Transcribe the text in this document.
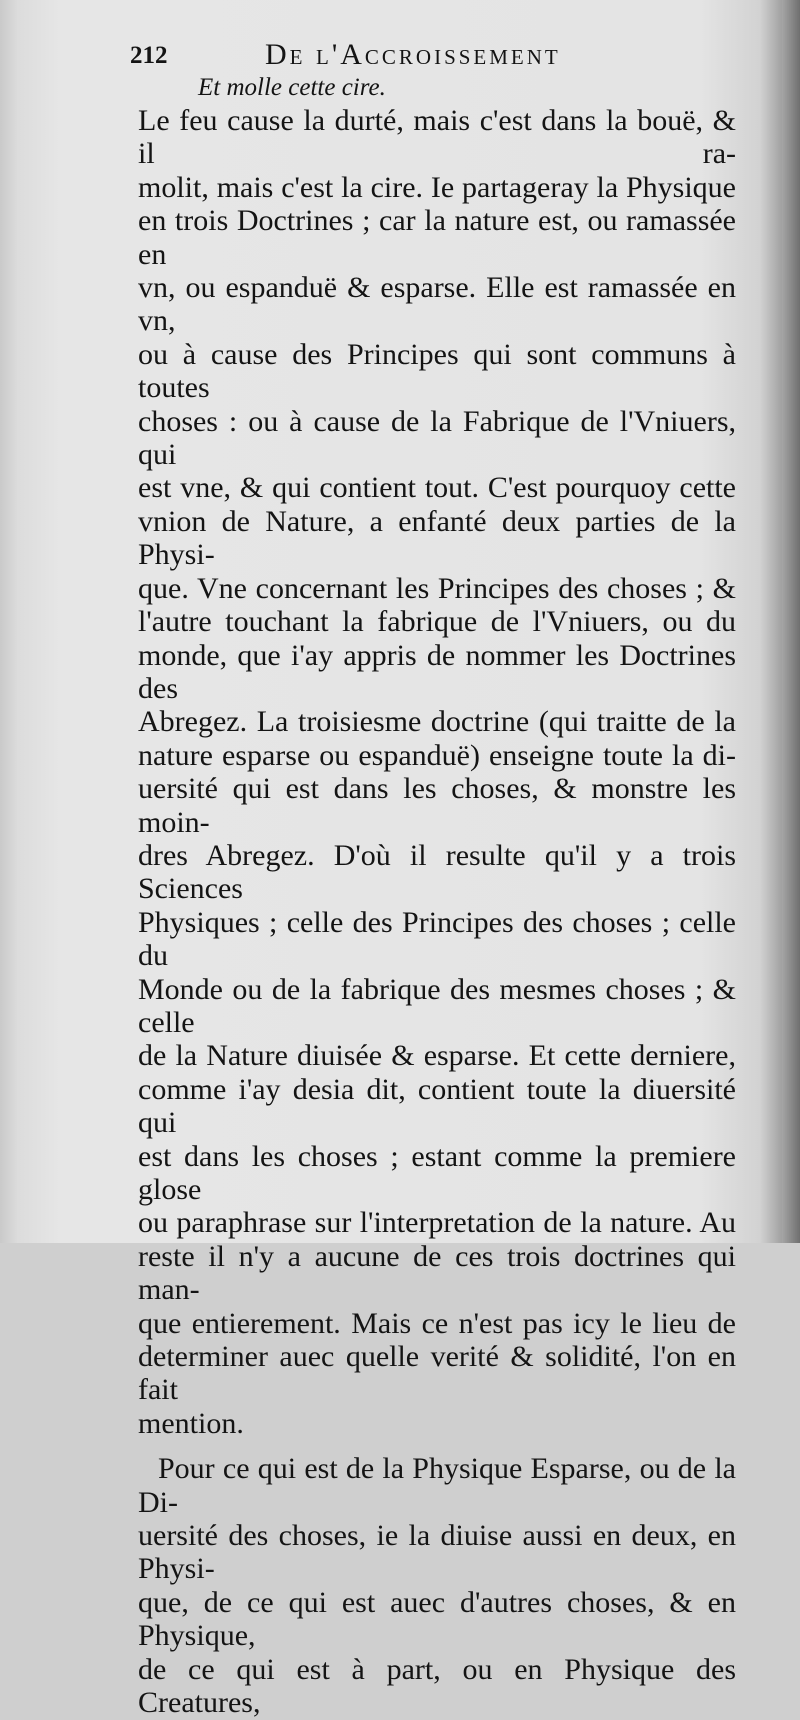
212	De l'Accroissement
Et molle cette cire.

Le feu cause la durté, mais c'est dans la bouë, & il ra-
molit, mais c'est la cire. Ie partageray la Physique
en trois Doctrines ; car la nature est, ou ramassée en
vn, ou espanduë & esparse. Elle est ramassée en vn,
ou à cause des Principes qui sont communs à toutes
choses : ou à cause de la Fabrique de l'Vniuers, qui
est vne, & qui contient tout. C'est pourquoy cette
vnion de Nature, a enfanté deux parties de la Physi-
que. Vne concernant les Principes des choses ; &
l'autre touchant la fabrique de l'Vniuers, ou du
monde, que i'ay appris de nommer les Doctrines des
Abregez. La troisiesme doctrine (qui traitte de la
nature esparse ou espanduë) enseigne toute la di-
uersité qui est dans les choses, & monstre les moin-
dres Abregez. D'où il resulte qu'il y a trois Sciences
Physiques ; celle des Principes des choses ; celle du
Monde ou de la fabrique des mesmes choses ; & celle
de la Nature diuisée & esparse. Et cette derniere,
comme i'ay desia dit, contient toute la diuersité qui
est dans les choses ; estant comme la premiere glose
ou paraphrase sur l'interpretation de la nature. Au
reste il n'y a aucune de ces trois doctrines qui man-
que entierement. Mais ce n'est pas icy le lieu de
determiner auec quelle verité & solidité, l'on en fait

mention.

Pour ce qui est de la Physique Esparse, ou de la Di-
uersité des choses, ie la diuise aussi en deux, en Physi-
que, de ce qui est auec d'autres choses, & en Physique,
de ce qui est à part, ou en Physique des Creatures,
